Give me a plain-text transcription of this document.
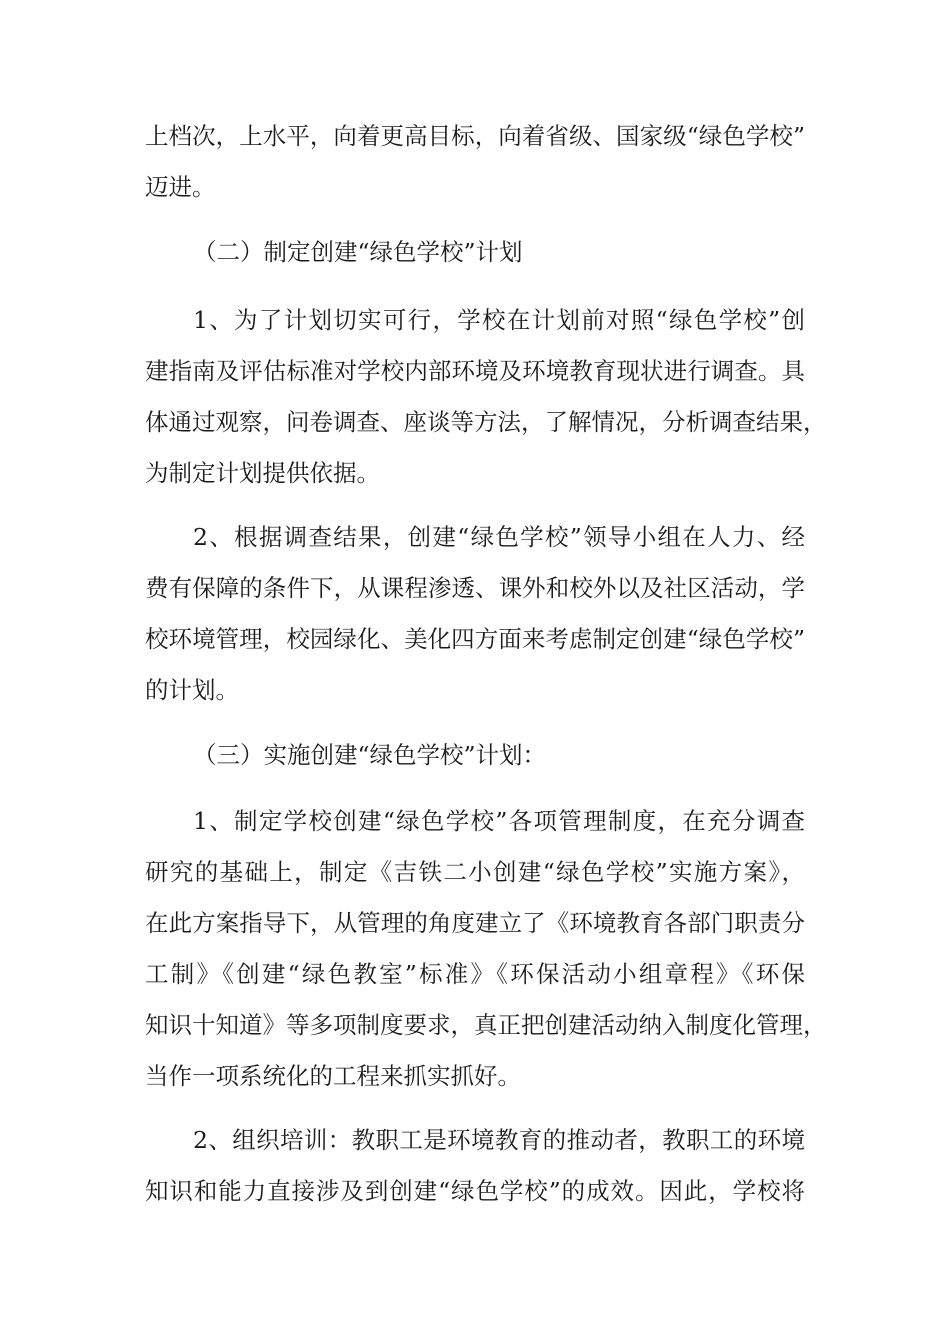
上档次，上水平，向着更高目标，向着省级、国家级“绿色学校”

迈进。

（二）制定创建“绿色学校”计划

1、为了计划切实可行，学校在计划前对照“绿色学校”创

建指南及评估标准对学校内部环境及环境教育现状进行调查。具

体通过观察，问卷调查、座谈等方法，了解情况，分析调查结果，

为制定计划提供依据。

2、根据调查结果，创建“绿色学校”领导小组在人力、经

费有保障的条件下，从课程渗透、课外和校外以及社区活动，学

校环境管理，校园绿化、美化四方面来考虑制定创建“绿色学校”

的计划。

（三）实施创建“绿色学校”计划：

1、制定学校创建“绿色学校”各项管理制度，在充分调查

研究的基础上，制定《吉铁二小创建“绿色学校”实施方案》，

在此方案指导下，从管理的角度建立了《环境教育各部门职责分

工制》《创建“绿色教室”标准》《环保活动小组章程》《环保

知识十知道》等多项制度要求，真正把创建活动纳入制度化管理，

当作一项系统化的工程来抓实抓好。

2、组织培训：教职工是环境教育的推动者，教职工的环境

知识和能力直接涉及到创建“绿色学校”的成效。因此，学校将
